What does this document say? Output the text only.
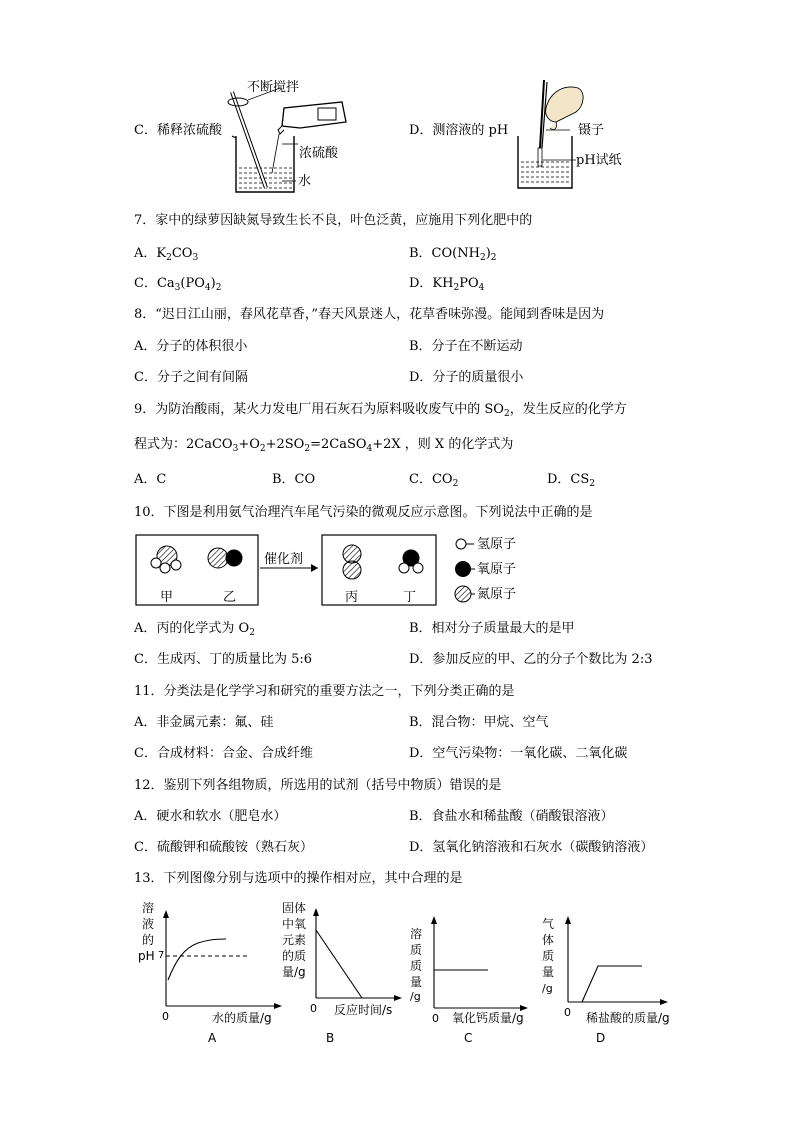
C．稀释浓硫酸
不断搅拌
浓硫酸
水
D．测溶液的 pH	镊子
pH试纸
7．家中的绿萝因缺氮导致生长不良，叶色泛黄，应施用下列化肥中的
A．$K_2CO_3$	B．$CO(NH_2)_2$
C．$Ca_3(PO_4)_2$	D．$KH_2PO_4$
8．“迟日江山丽，春风花草香，”春天风景迷人，花草香味弥漫。能闻到香味是因为
A．分子的体积很小	B．分子在不断运动
C．分子之间有间隔	D．分子的质量很小
9．为防治酸雨，某火力发电厂用石灰石为原料吸收废气中的 $SO_2$，发生反应的化学方
程式为：$2CaCO_3+O_2+2SO_2=2CaSO_4+2X$ ，则 X 的化学式为
A．C	B．CO	C．$CO_2$	D．$CS_2$
10．下图是利用氨气治理汽车尾气污染的微观反应示意图。下列说法中正确的是
催化剂
甲	乙	丙	丁
氢原子
氧原子
氮原子
A．丙的化学式为 $O_2$	B．相对分子质量最大的是甲
C．生成丙、丁的质量比为 5:6	D．参加反应的甲、乙的分子个数比为 2:3
11．分类法是化学学习和研究的重要方法之一，下列分类正确的是
A．非金属元素：氟、硅	B．混合物：甲烷、空气
C．合成材料：合金、合成纤维	D．空气污染物：一氧化碳、二氧化碳
12．鉴别下列各组物质，所选用的试剂（括号中物质）错误的是
A．硬水和软水（肥皂水）	B．食盐水和稀盐酸（硝酸银溶液）
C．硫酸钾和硫酸铵（熟石灰）	D．氢氧化钠溶液和石灰水（碳酸钠溶液）
13．下列图像分别与选项中的操作相对应，其中合理的是
溶
液
的
pH 7
0	水的质量/g
A
固体
中氧
元素
的质
量/g
0 反应时间/s
B
溶
质
质
量
/g
0 氧化钙质量/g
C
气
体
质
量
/g
0 稀盐酸的质量/g
D
